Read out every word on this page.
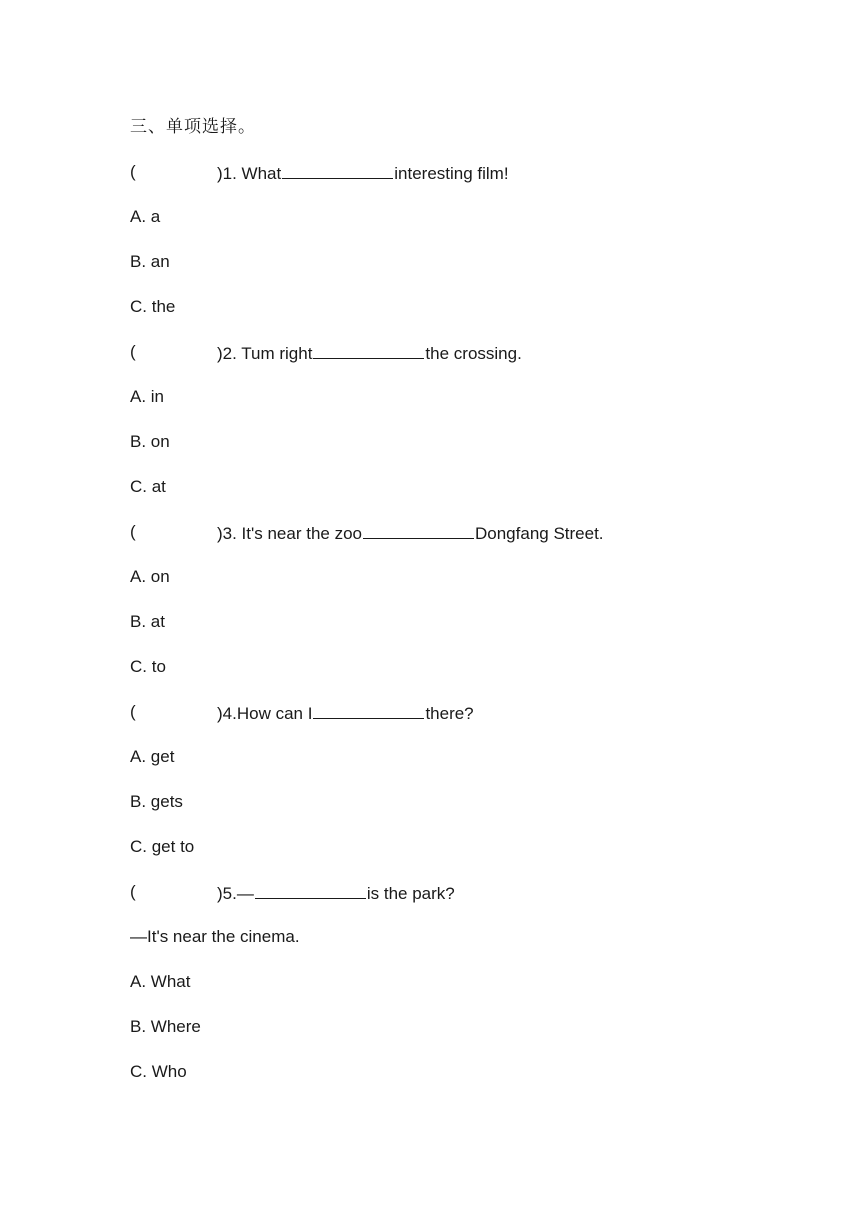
三、单项选择。
(	)1. What	interesting film!
A. a
B. an
C. the
(	)2. Tum right	the crossing.
A. in
B. on
C. at
(	)3. It's near the zoo	Dongfang Street.
A. on
B. at
C. to
(	)4.How can I	there?
A. get
B. gets
C. get to
(	)5.—	is the park?
—It's near the cinema.
A. What
B. Where
C. Who
